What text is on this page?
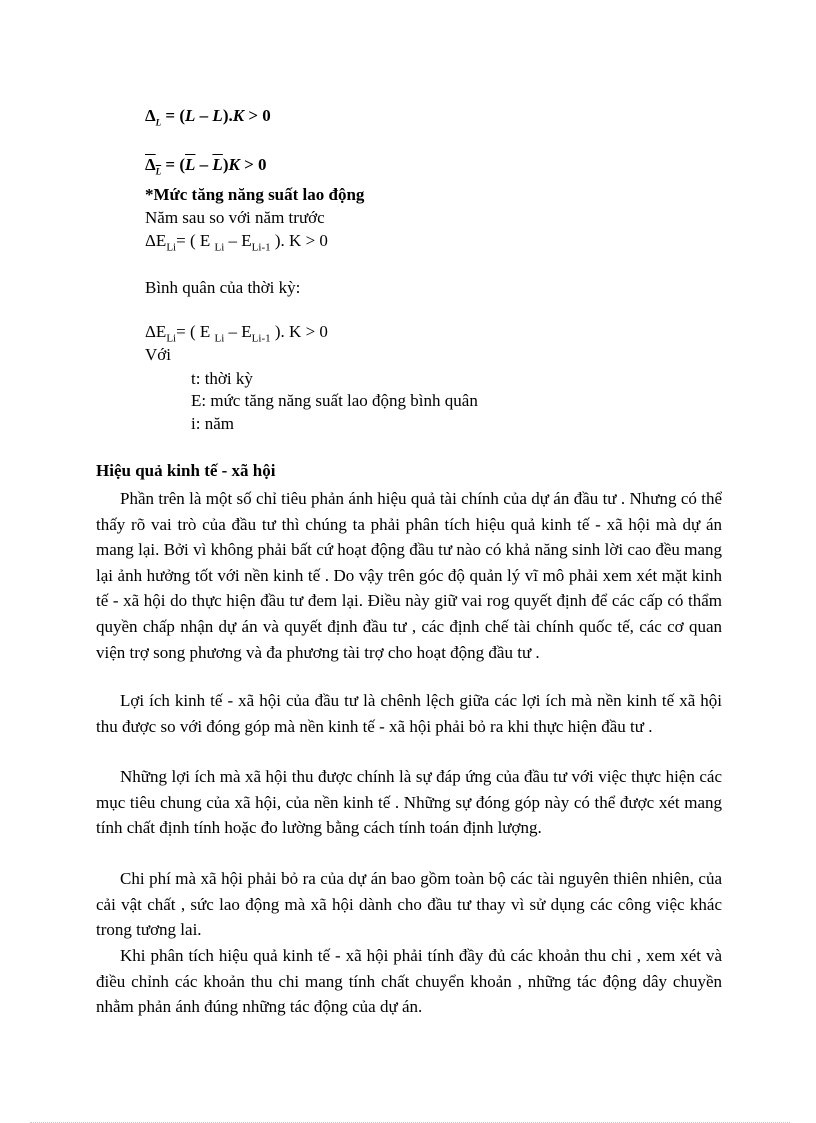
$\Delta_L = (L - L).K > 0$
$\overline{\Delta}_{\overline{L}} = (\overline{L} - \overline{L})K > 0$
*Mức tăng năng suất lao động
Năm sau so với năm trước
$\Delta E_{Li}=$ ( E $_{Li} - E_{Li-1}$ ). K > 0
Bình quân của thời kỳ:
$\Delta E_{Li}=$ ( E $_{Li} - E_{Li-1}$ ). K > 0
Với
t: thời kỳ
E: mức tăng năng suất lao động bình quân
i: năm
Hiệu quả kinh tế - xã hội

Phần trên là một số chỉ tiêu phản ánh hiệu quả tài chính của dự án đầu tư . Nhưng có thể thấy rõ vai trò của đầu tư thì chúng ta phải phân tích hiệu quả kinh tế - xã hội mà dự án mang lại. Bởi vì không phải bất cứ hoạt động đầu tư nào có khả năng sinh lời cao đều mang lại ảnh hưởng tốt với nền kinh tế . Do vậy trên góc độ quản lý vĩ mô phải xem xét mặt kinh tế - xã hội do thực hiện đầu tư đem lại. Điều này giữ vai rog quyết định để các cấp có thẩm quyền chấp nhận dự án và quyết định đầu tư , các định chế tài chính quốc tế, các cơ quan viện trợ song phương và đa phương tài trợ cho hoạt động đầu tư .

Lợi ích kinh tế - xã hội của đầu tư là chênh lệch giữa các lợi ích mà nền kinh tế xã hội thu được so với đóng góp mà nền kinh tế - xã hội phải bỏ ra khi thực hiện đầu tư .

Những lợi ích mà xã hội thu được chính là sự đáp ứng của đầu tư với việc thực hiện các mục tiêu chung của xã hội, của nền kinh tế . Những sự đóng góp này có thể được xét mang tính chất định tính hoặc đo lường bằng cách tính toán định lượng.

Chi phí mà xã hội phải bỏ ra của dự án bao gồm toàn bộ các tài nguyên thiên nhiên, của cải vật chất , sức lao động mà xã hội dành cho đầu tư thay vì sử dụng các công việc khác trong tương lai.

Khi phân tích hiệu quả kinh tế - xã hội phải tính đầy đủ các khoản thu chi , xem xét và điều chỉnh các khoản thu chi mang tính chất chuyển khoản , những tác động dây chuyền nhằm phản ánh đúng những tác động của dự án.
